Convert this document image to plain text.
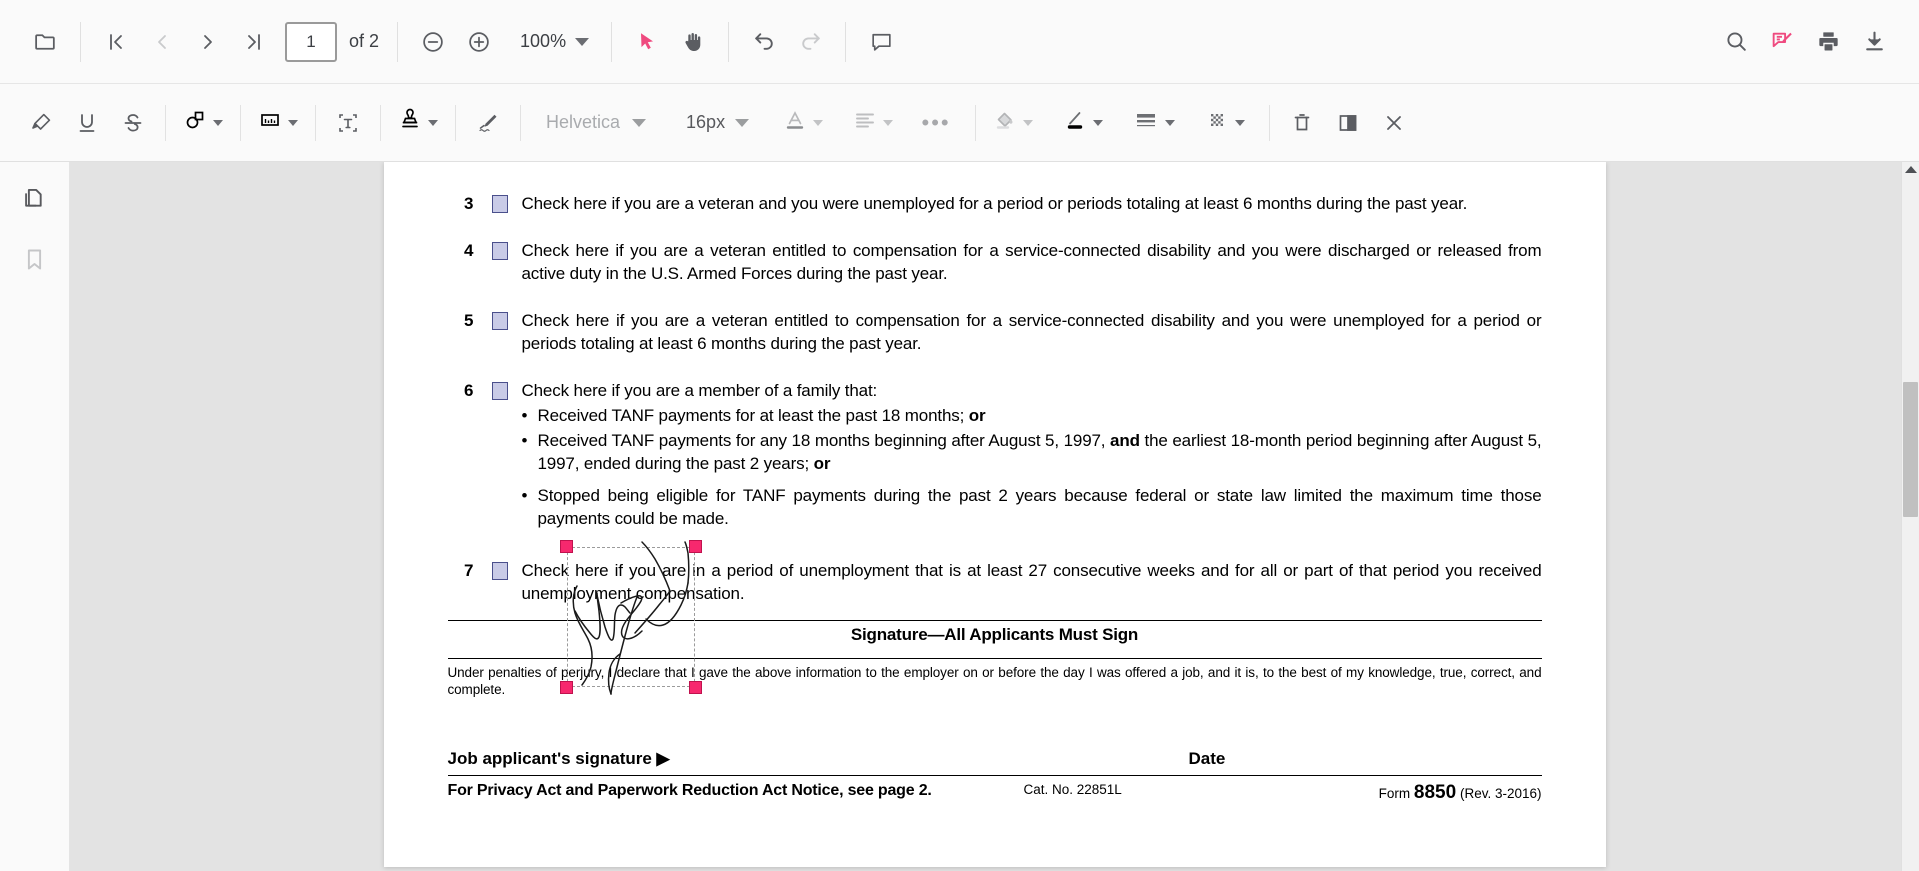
1
of 2	100%
Helvetica	16px	•••
3	Check here if you are a veteran and you were unemployed for a period or periods totaling at least 6 months during the past year.
4	Check here if you are a veteran entitled to compensation for a service-connected disability and you were discharged or released from active duty in the U.S. Armed Forces during the past year.
5	Check here if you are a veteran entitled to compensation for a service-connected disability and you were unemployed for a period or periods totaling at least 6 months during the past year.
6	Check here if you are a member of a family that:
• Received TANF payments for at least the past 18 months; or
• Received TANF payments for any 18 months beginning after August 5, 1997, and the earliest 18-month period beginning after August 5, 1997, ended during the past 2 years; or
• Stopped being eligible for TANF payments during the past 2 years because federal or state law limited the maximum time those payments could be made.
7	Check here if you are in a period of unemployment that is at least 27 consecutive weeks and for all or part of that period you received unemployment compensation.
Signature—All Applicants Must Sign
Under penalties of perjury, I declare that I gave the above information to the employer on or before the day I was offered a job, and it is, to the best of my knowledge, true, correct, and complete.
Job applicant's signature ▶	Date
For Privacy Act and Paperwork Reduction Act Notice, see page 2.	Cat. No. 22851L	Form 8850 (Rev. 3-2016)
